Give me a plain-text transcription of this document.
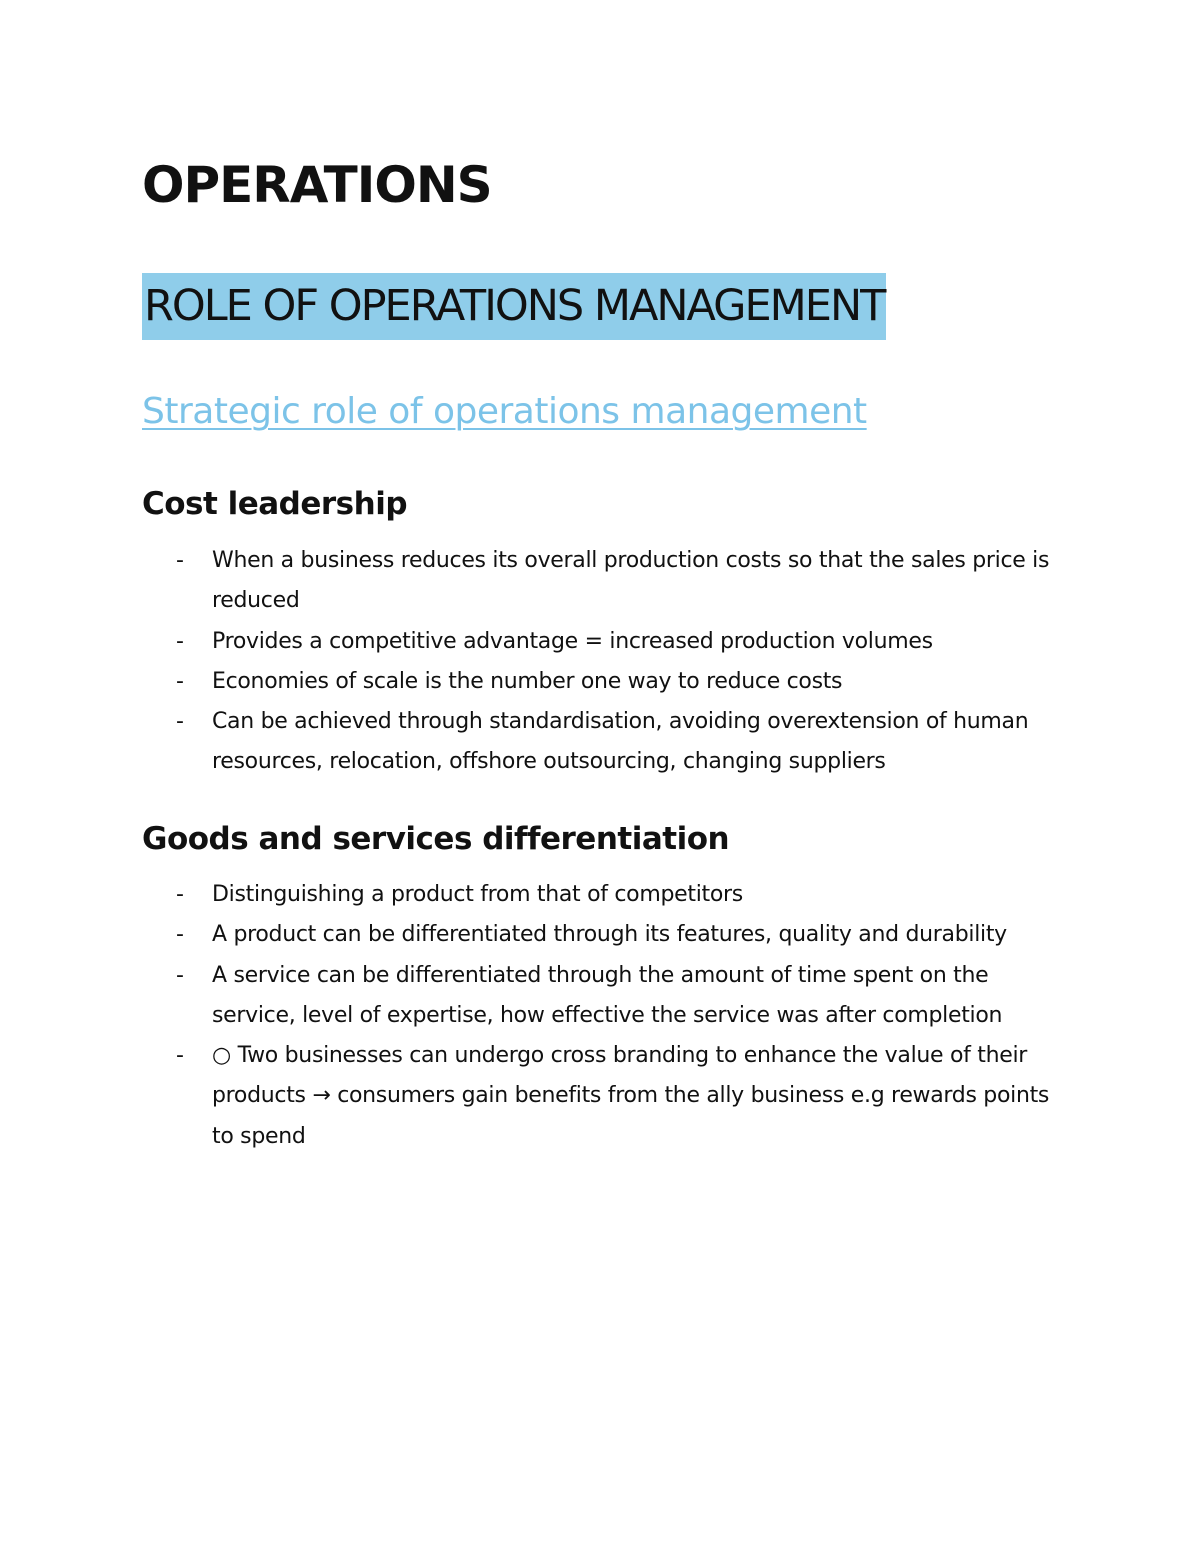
OPERATIONS
ROLE OF OPERATIONS MANAGEMENT
Strategic role of operations management
Cost leadership
-	When a business reduces its overall production costs so that the sales price is reduced
-	Provides a competitive advantage = increased production volumes
-	Economies of scale is the number one way to reduce costs
-	Can be achieved through standardisation, avoiding overextension of human resources, relocation, offshore outsourcing, changing suppliers
Goods and services differentiation
-	Distinguishing a product from that of competitors
-	A product can be differentiated through its features, quality and durability
-	A service can be differentiated through the amount of time spent on the service, level of expertise, how effective the service was after completion
-	○ Two businesses can undergo cross branding to enhance the value of their products → consumers gain benefits from the ally business e.g rewards points to spend
